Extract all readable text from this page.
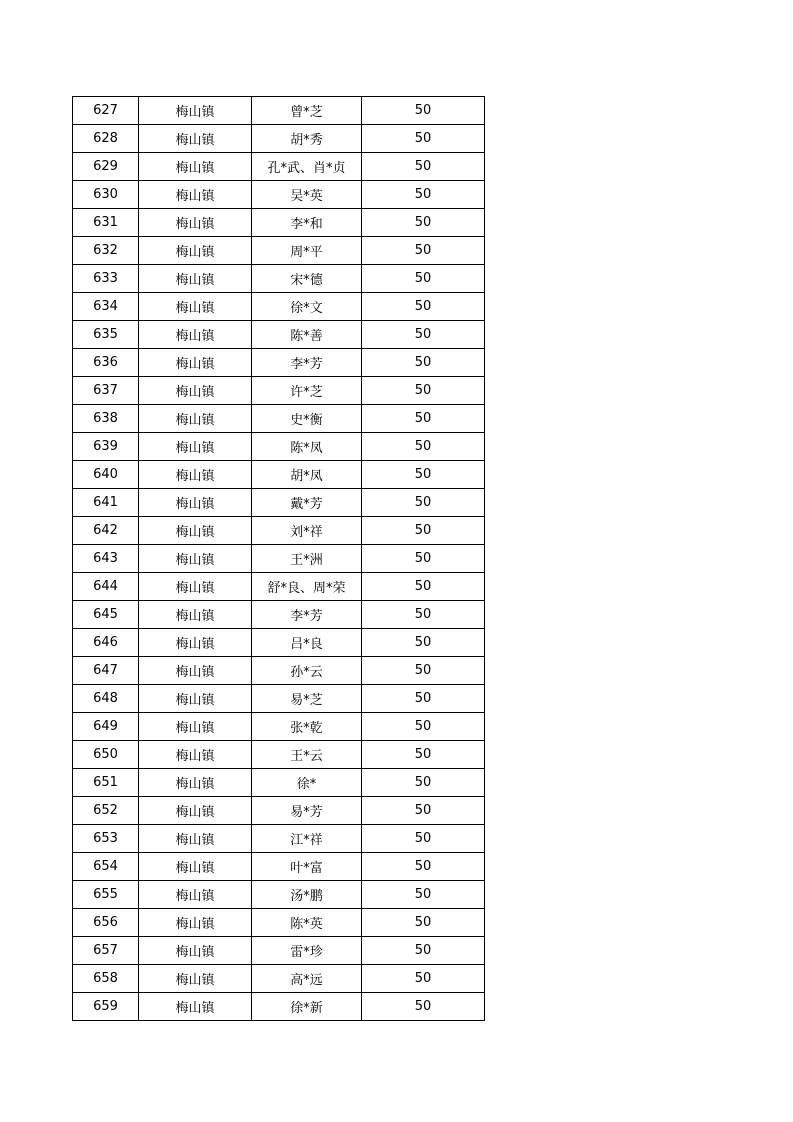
627	梅山镇	曾*芝	50
628	梅山镇	胡*秀	50
629	梅山镇	孔*武、肖*贞	50
630	梅山镇	吴*英	50
631	梅山镇	李*和	50
632	梅山镇	周*平	50
633	梅山镇	宋*德	50
634	梅山镇	徐*文	50
635	梅山镇	陈*善	50
636	梅山镇	李*芳	50
637	梅山镇	许*芝	50
638	梅山镇	史*衡	50
639	梅山镇	陈*凤	50
640	梅山镇	胡*凤	50
641	梅山镇	戴*芳	50
642	梅山镇	刘*祥	50
643	梅山镇	王*洲	50
644	梅山镇	舒*良、周*荣	50
645	梅山镇	李*芳	50
646	梅山镇	吕*良	50
647	梅山镇	孙*云	50
648	梅山镇	易*芝	50
649	梅山镇	张*乾	50
650	梅山镇	王*云	50
651	梅山镇	徐*	50
652	梅山镇	易*芳	50
653	梅山镇	江*祥	50
654	梅山镇	叶*富	50
655	梅山镇	汤*鹏	50
656	梅山镇	陈*英	50
657	梅山镇	雷*珍	50
658	梅山镇	高*远	50
659	梅山镇	徐*新	50
